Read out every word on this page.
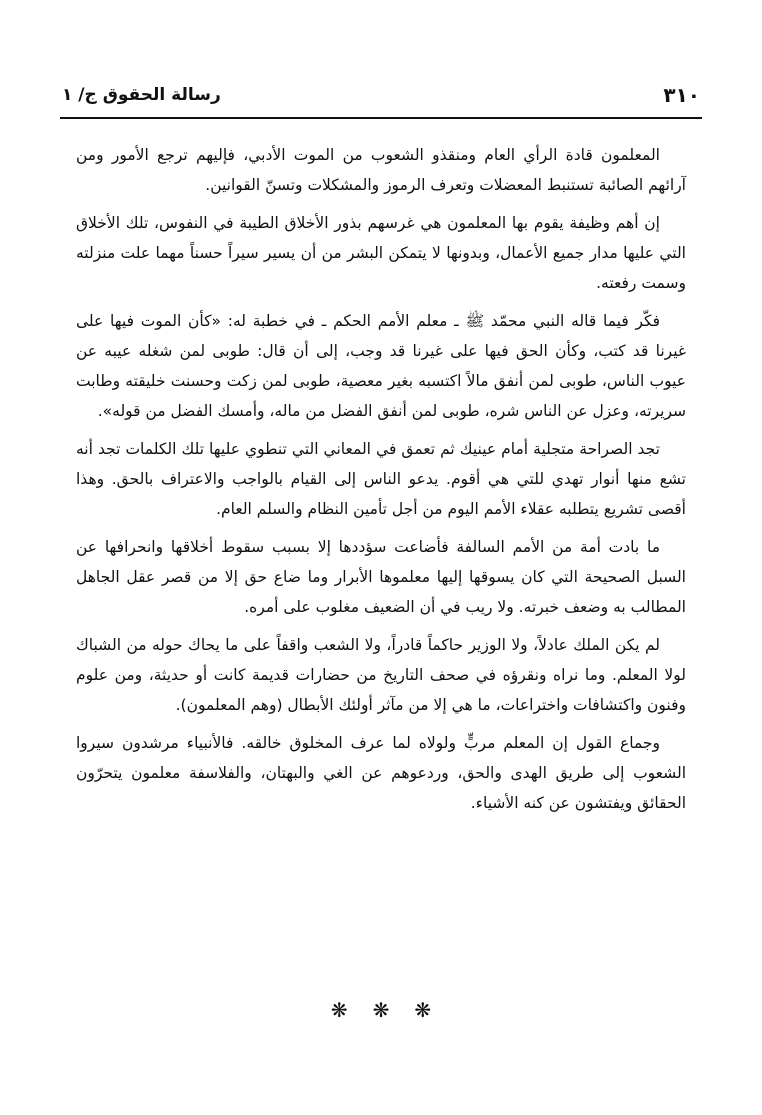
٣١٠
رسالة الحقوق ج/ ١

المعلمون قادة الرأي العام ومنقذو الشعوب من الموت الأدبي، فإليهم ترجع الأمور ومن آرائهم الصائبة تستنبط المعضلات وتعرف الرموز والمشكلات وتسنّ القوانين.

إن أهم وظيفة يقوم بها المعلمون هي غرسهم بذور الأخلاق الطيبة في النفوس، تلك الأخلاق التي عليها مدار جميع الأعمال، وبدونها لا يتمكن البشر من أن يسير سيراً حسناً مهما علت منزلته وسمت رفعته.

فكّر فيما قاله النبي محمّد ﷺ ـ معلم الأمم الحكم ـ في خطبة له: «كأن الموت فيها على غيرنا قد كتب، وكأن الحق فيها على غيرنا قد وجب، إلى أن قال: طوبى لمن شغله عيبه عن عيوب الناس، طوبى لمن أنفق مالاً اكتسبه بغير معصية، طوبى لمن زكت وحسنت خليقته وطابت سريرته، وعزل عن الناس شره، طوبى لمن أنفق الفضل من ماله، وأمسك الفضل من قوله».

تجد الصراحة متجلية أمام عينيك ثم تعمق في المعاني التي تنطوي عليها تلك الكلمات تجد أنه تشع منها أنوار تهدي للتي هي أقوم. يدعو الناس إلى القيام بالواجب والاعتراف بالحق. وهذا أقصى تشريع يتطلبه عقلاء الأمم اليوم من أجل تأمين النظام والسلم العام.

ما بادت أمة من الأمم السالفة فأضاعت سؤددها إلا بسبب سقوط أخلاقها وانحرافها عن السبل الصحيحة التي كان يسوقها إليها معلموها الأبرار وما ضاع حق إلا من قصر عقل الجاهل المطالب به وضعف خبرته. ولا ريب في أن الضعيف مغلوب على أمره.

لم يكن الملك عادلاً، ولا الوزير حاكماً قادراً، ولا الشعب واقفاً على ما يحاك حوله من الشباك لولا المعلم. وما نراه ونقرؤه في صحف التاريخ من حضارات قديمة كانت أو حديثة، ومن علوم وفنون واكتشافات واختراعات، ما هي إلا من مآثر أولئك الأبطال (وهم المعلمون).

وجماع القول إن المعلم مربٍّ ولولاه لما عرف المخلوق خالقه. فالأنبياء مرشدون سيروا الشعوب إلى طريق الهدى والحق، وردعوهم عن الغي والبهتان، والفلاسفة معلمون يتحرّون الحقائق ويفتشون عن كنه الأشياء.

❋ ❋ ❋
